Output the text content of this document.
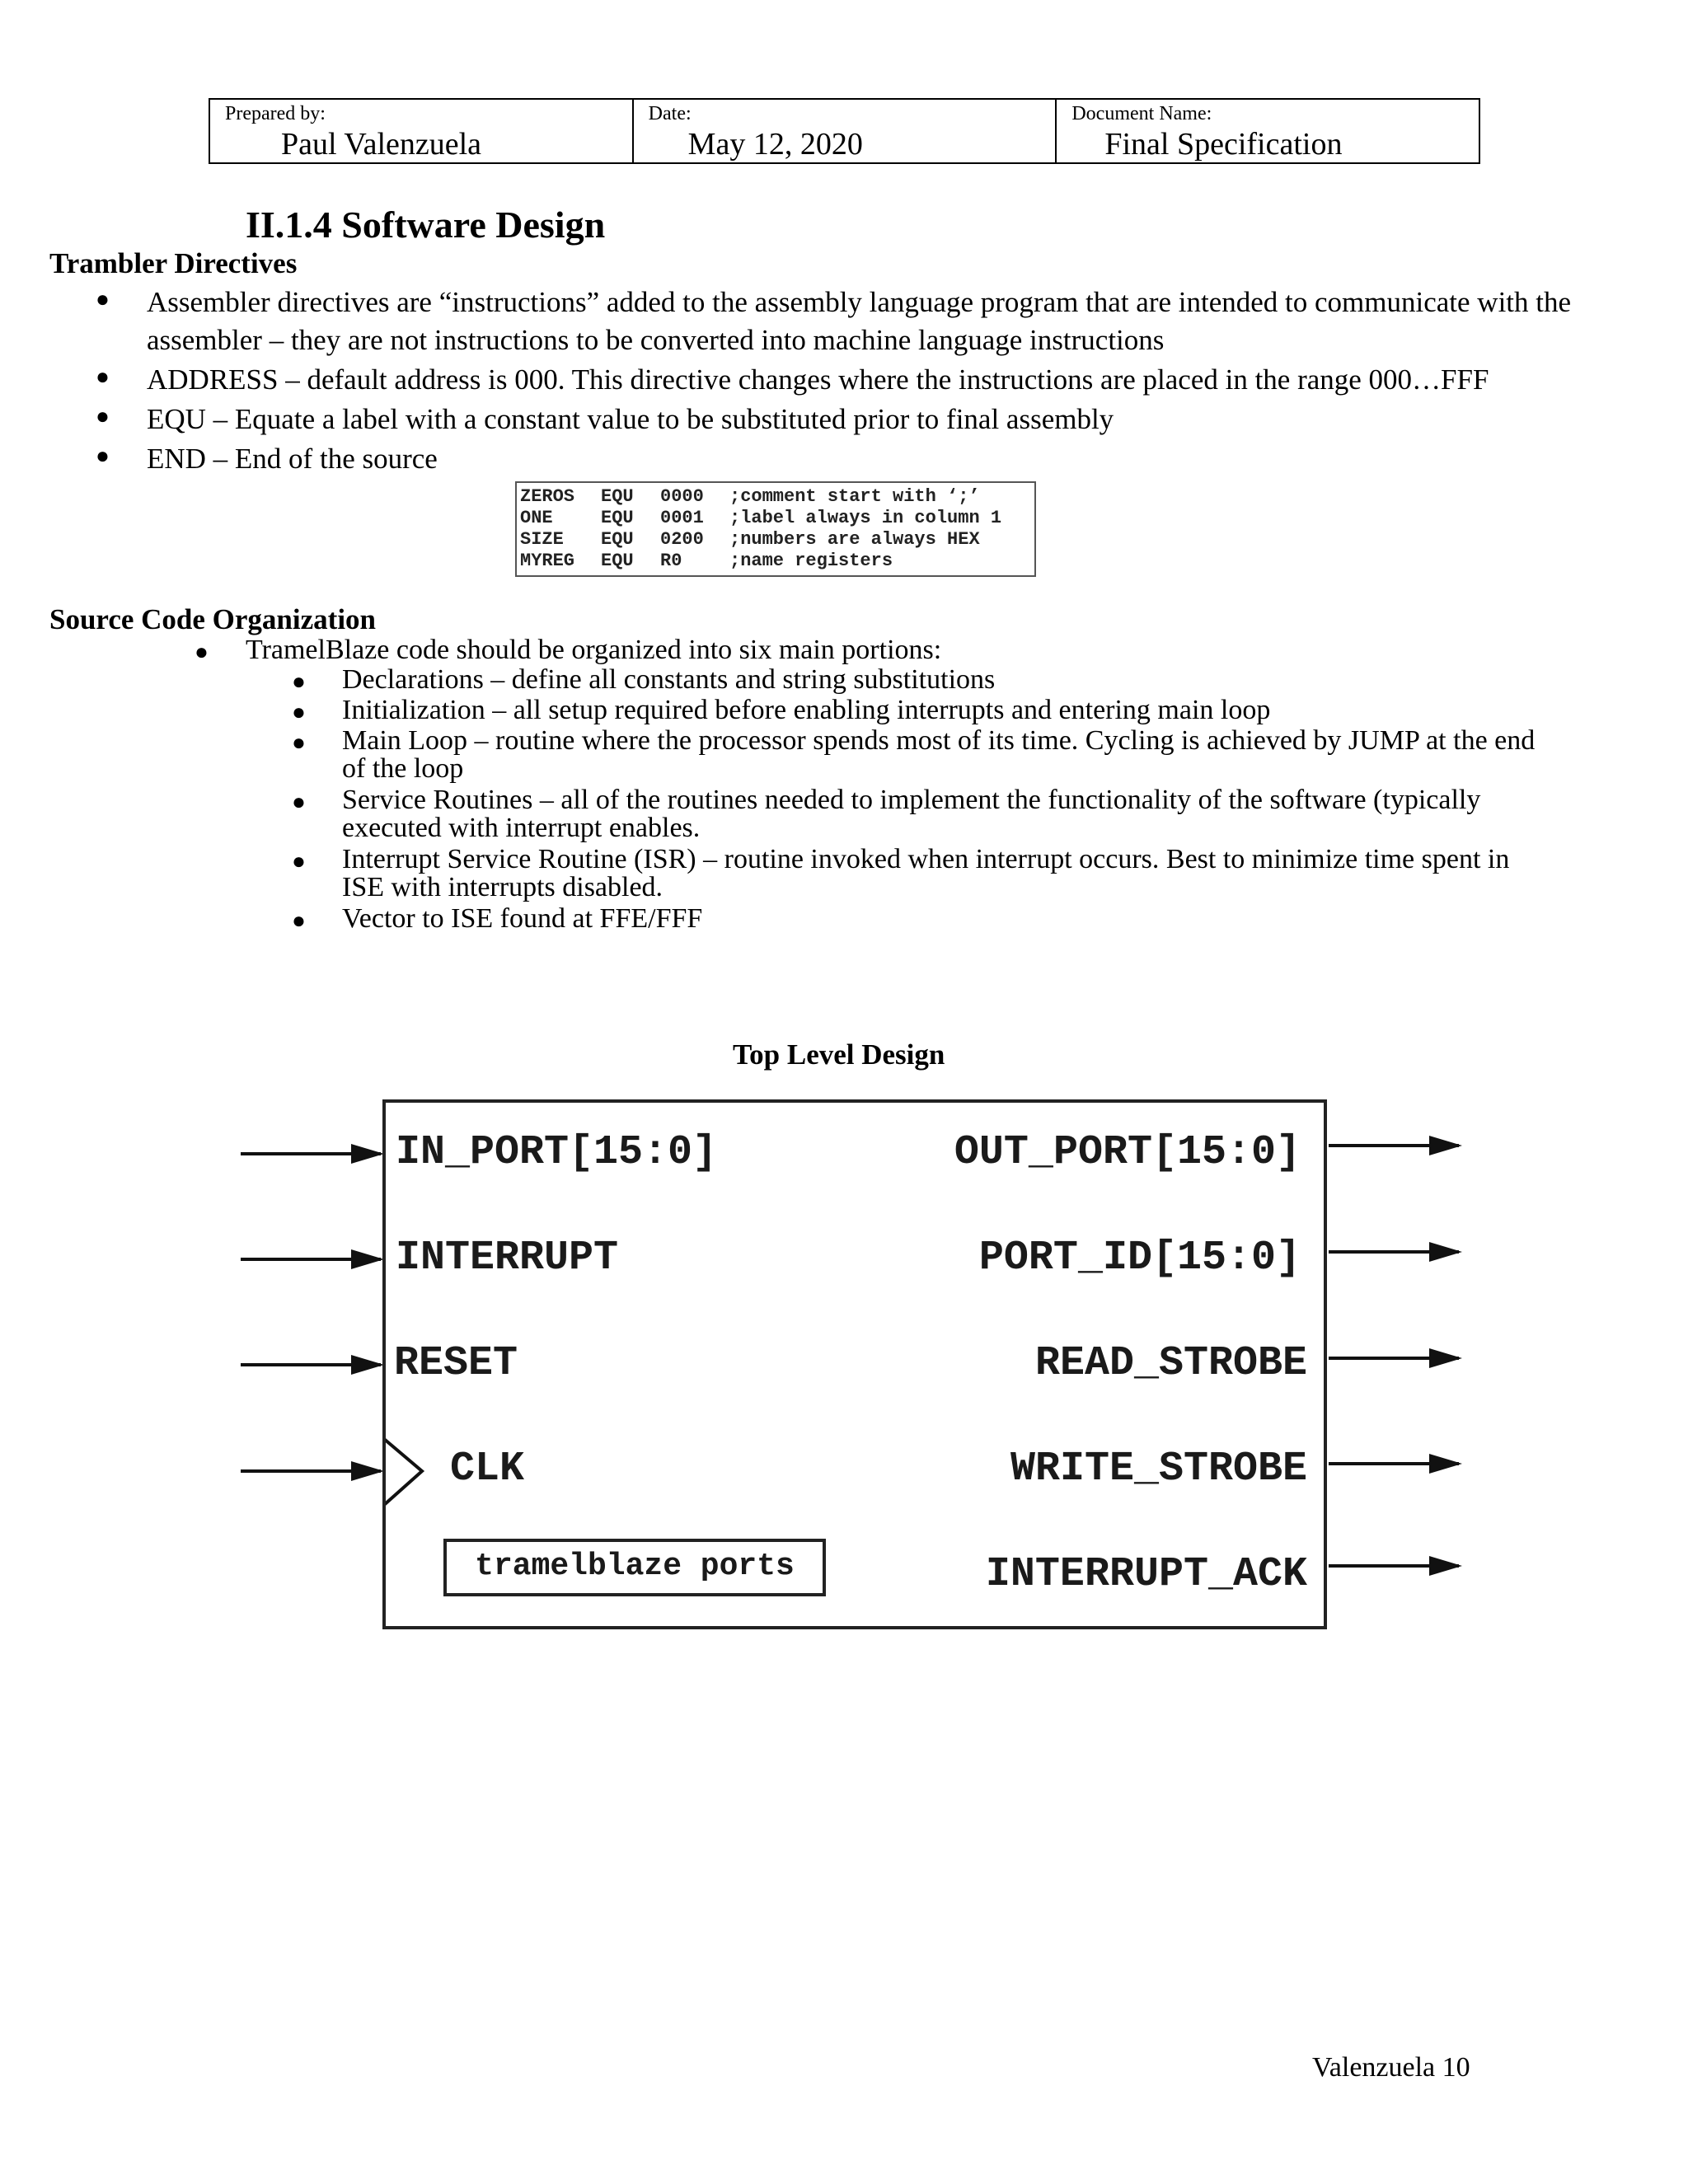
Prepared by:
Paul Valenzuela
Date:
May 12, 2020
Document Name:
Final Specification
II.1.4 Software Design
Trambler Directives
● Assembler directives are “instructions” added to the assembly language program that are intended to communicate with the
assembler – they are not instructions to be converted into machine language instructions
● ADDRESS – default address is 000. This directive changes where the instructions are placed in the range 000…FFF
● EQU – Equate a label with a constant value to be substituted prior to final assembly
● END – End of the source
ZEROS	EQU	0000	;comment start with ‘;’
ONE	EQU	0001	;label always in column 1
SIZE	EQU	0200	;numbers are always HEX
MYREG	EQU	R0	;name registers
Source Code Organization
● TramelBlaze code should be organized into six main portions:
● Declarations – define all constants and string substitutions
● Initialization – all setup required before enabling interrupts and entering main loop
● Main Loop – routine where the processor spends most of its time. Cycling is achieved by JUMP at the end
of the loop
● Service Routines – all of the routines needed to implement the functionality of the software (typically
executed with interrupt enables.
● Interrupt Service Routine (ISR) – routine invoked when interrupt occurs. Best to minimize time spent in
ISE with interrupts disabled.
● Vector to ISE found at FFE/FFF
Top Level Design
IN_PORT[15:0]
INTERRUPT
RESET
CLK
OUT_PORT[15:0]
PORT_ID[15:0]
READ_STROBE
WRITE_STROBE
INTERRUPT_ACK
tramelblaze ports
Valenzuela 10
